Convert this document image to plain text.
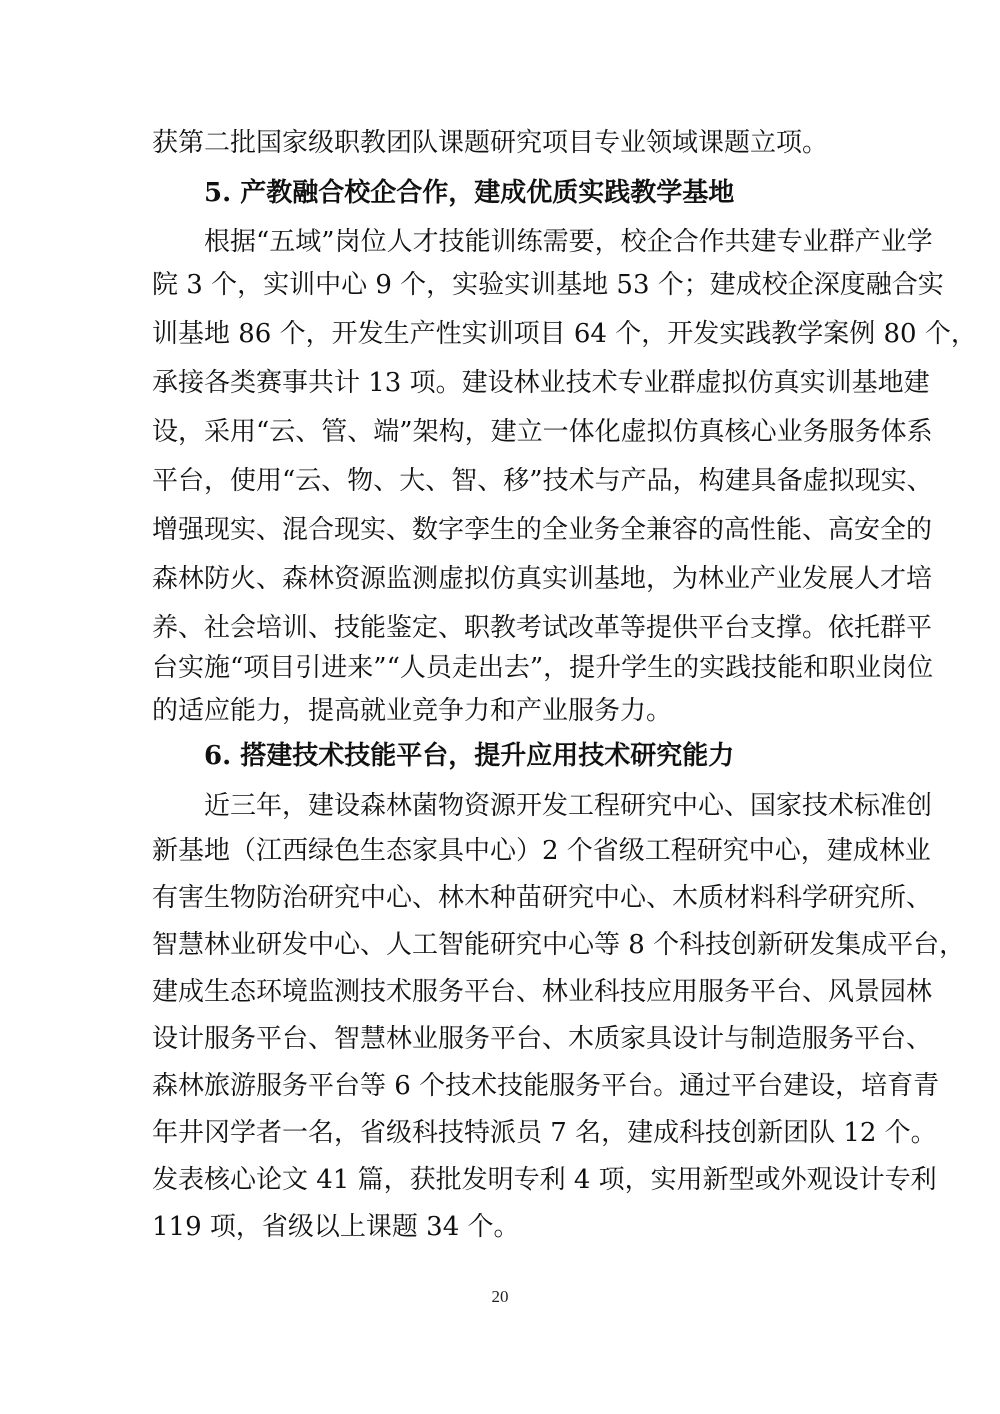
获第二批国家级职教团队课题研究项目专业领域课题立项。
5. 产教融合校企合作，建成优质实践教学基地
根据“五域”岗位人才技能训练需要，校企合作共建专业群产业学
院 3 个，实训中心 9 个，实验实训基地 53 个；建成校企深度融合实
训基地 86 个，开发生产性实训项目 64 个，开发实践教学案例 80 个，
承接各类赛事共计 13 项。建设林业技术专业群虚拟仿真实训基地建
设，采用“云、管、端”架构，建立一体化虚拟仿真核心业务服务体系
平台，使用“云、物、大、智、移”技术与产品，构建具备虚拟现实、
增强现实、混合现实、数字孪生的全业务全兼容的高性能、高安全的
森林防火、森林资源监测虚拟仿真实训基地，为林业产业发展人才培
养、社会培训、技能鉴定、职教考试改革等提供平台支撑。依托群平
台实施“项目引进来”“人员走出去”，提升学生的实践技能和职业岗位
的适应能力，提高就业竞争力和产业服务力。
6. 搭建技术技能平台，提升应用技术研究能力
近三年，建设森林菌物资源开发工程研究中心、国家技术标准创
新基地（江西绿色生态家具中心）2 个省级工程研究中心，建成林业
有害生物防治研究中心、林木种苗研究中心、木质材料科学研究所、
智慧林业研发中心、人工智能研究中心等 8 个科技创新研发集成平台，
建成生态环境监测技术服务平台、林业科技应用服务平台、风景园林
设计服务平台、智慧林业服务平台、木质家具设计与制造服务平台、
森林旅游服务平台等 6 个技术技能服务平台。通过平台建设，培育青
年井冈学者一名，省级科技特派员 7 名，建成科技创新团队 12 个。
发表核心论文 41 篇，获批发明专利 4 项，实用新型或外观设计专利
119 项，省级以上课题 34 个。
20
